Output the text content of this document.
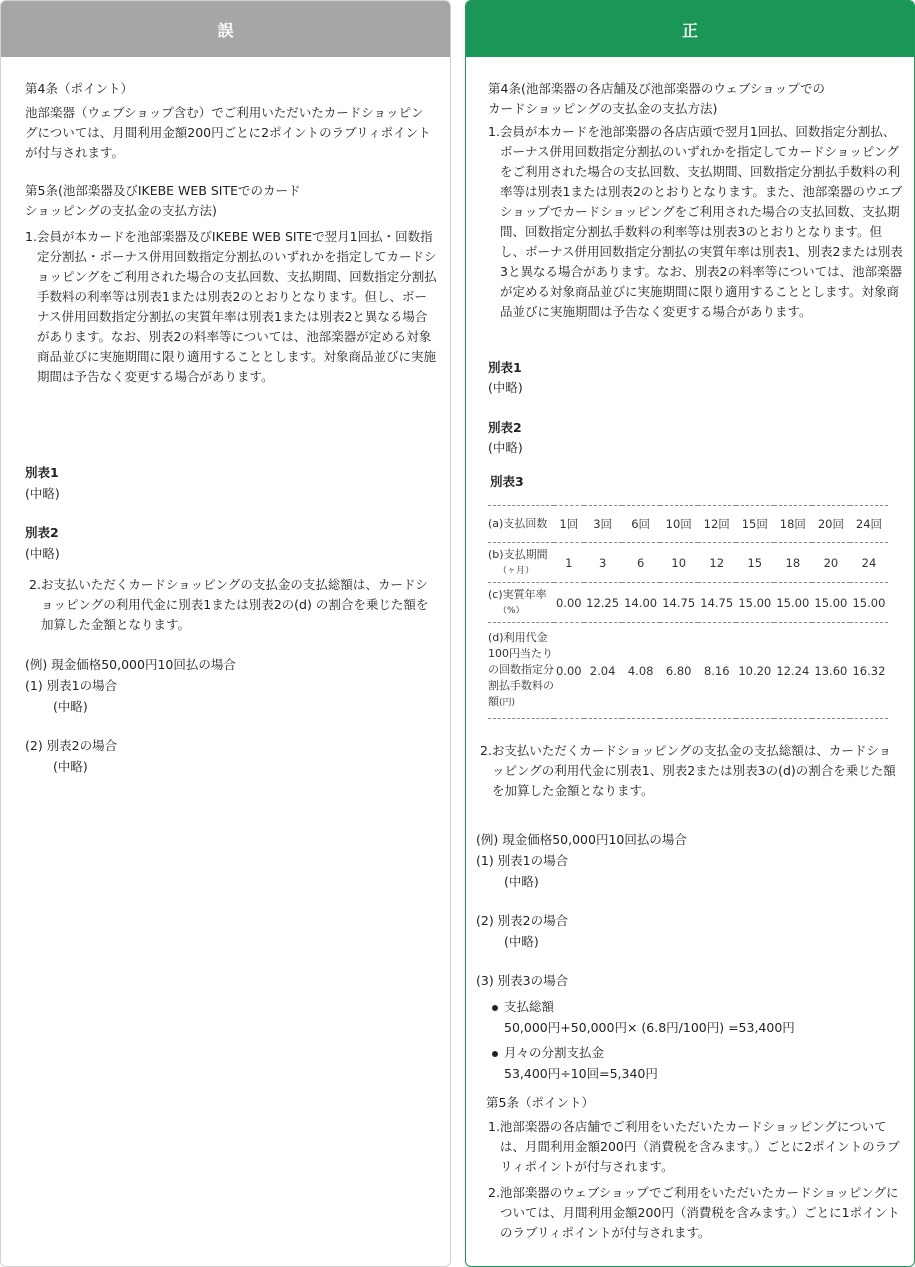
誤

第4条（ポイント）

池部楽器（ウェブショップ含む）でご利用いただいたカードショッピングについては、月間利用金額200円ごとに2ポイントのラブリィポイントが付与されます。

第5条(池部楽器及びIKEBE WEB SITEでのカード

ショッピングの支払金の支払方法)

1.会員が本カードを池部楽器及びIKEBE WEB SITEで翌月1回払・回数指定分割払・ボーナス併用回数指定分割払のいずれかを指定してカードショッピングをご利用された場合の支払回数、支払期間、回数指定分割払手数料の利率等は別表1または別表2のとおりとなります。但し、ボーナス併用回数指定分割払の実質年率は別表1または別表2と異なる場合があります。なお、別表2の料率等については、池部楽器が定める対象商品並びに実施期間に限り適用することとします。対象商品並びに実施期間は予告なく変更する場合があります。

別表1

(中略)

別表2

(中略)

2.お支払いただくカードショッピングの支払金の支払総額は、カードショッピングの利用代金に別表1または別表2の(d) の割合を乗じた額を加算した金額となります。

(例) 現金価格50,000円10回払の場合

(1) 別表1の場合

(中略)

(2) 別表2の場合

(中略)

正

第4条(池部楽器の各店舗及び池部楽器のウェブショップでの

カードショッピングの支払金の支払方法)

1.会員が本カードを池部楽器の各店店頭で翌月1回払、回数指定分割払、ボーナス併用回数指定分割払のいずれかを指定してカードショッピングをご利用された場合の支払回数、支払期間、回数指定分割払手数料の利率等は別表1または別表2のとおりとなります。また、池部楽器のウエブショップでカードショッピングをご利用された場合の支払回数、支払期間、回数指定分割払手数料の利率等は別表3のとおりとなります。但し、ボーナス併用回数指定分割払の実質年率は別表1、別表2または別表3と異なる場合があります。なお、別表2の料率等については、池部楽器が定める対象商品並びに実施期間に限り適用することとします。対象商品並びに実施期間は予告なく変更する場合があります。

別表1

(中略)

別表2

(中略)

別表3

(a)支払回数	1回	3回	6回	10回	12回	15回	18回	20回	24回

(b)支払期間
（ヶ月）	1	3	6	10	12	15	18	20	24

(c)実質年率
（%）	0.00	12.25	14.00	14.75	14.75	15.00	15.00	15.00	15.00
(d)利用代金100円当たりの回数指定分割払手数料の額(円)	0.00	2.04	4.08	6.80	8.16	10.20	12.24	13.60	16.32

2.お支払いただくカードショッピングの支払金の支払総額は、カードショッピングの利用代金に別表1、別表2または別表3の(d)の割合を乗じた額を加算した金額となります。

(例) 現金価格50,000円10回払の場合

(1) 別表1の場合

(中略)

(2) 別表2の場合

(中略)

(3) 別表3の場合

支払総額

50,000円+50,000円× (6.8円/100円) =53,400円

月々の分割支払金

53,400円÷10回=5,340円

第5条（ポイント）

1.池部楽器の各店舗でご利用をいただいたカードショッピングについては、月間利用金額200円（消費税を含みます。）ごとに2ポイントのラブリィポイントが付与されます。

2.池部楽器のウェブショップでご利用をいただいたカードショッピングについては、月間利用金額200円（消費税を含みます。）ごとに1ポイントのラブリィポイントが付与されます。
